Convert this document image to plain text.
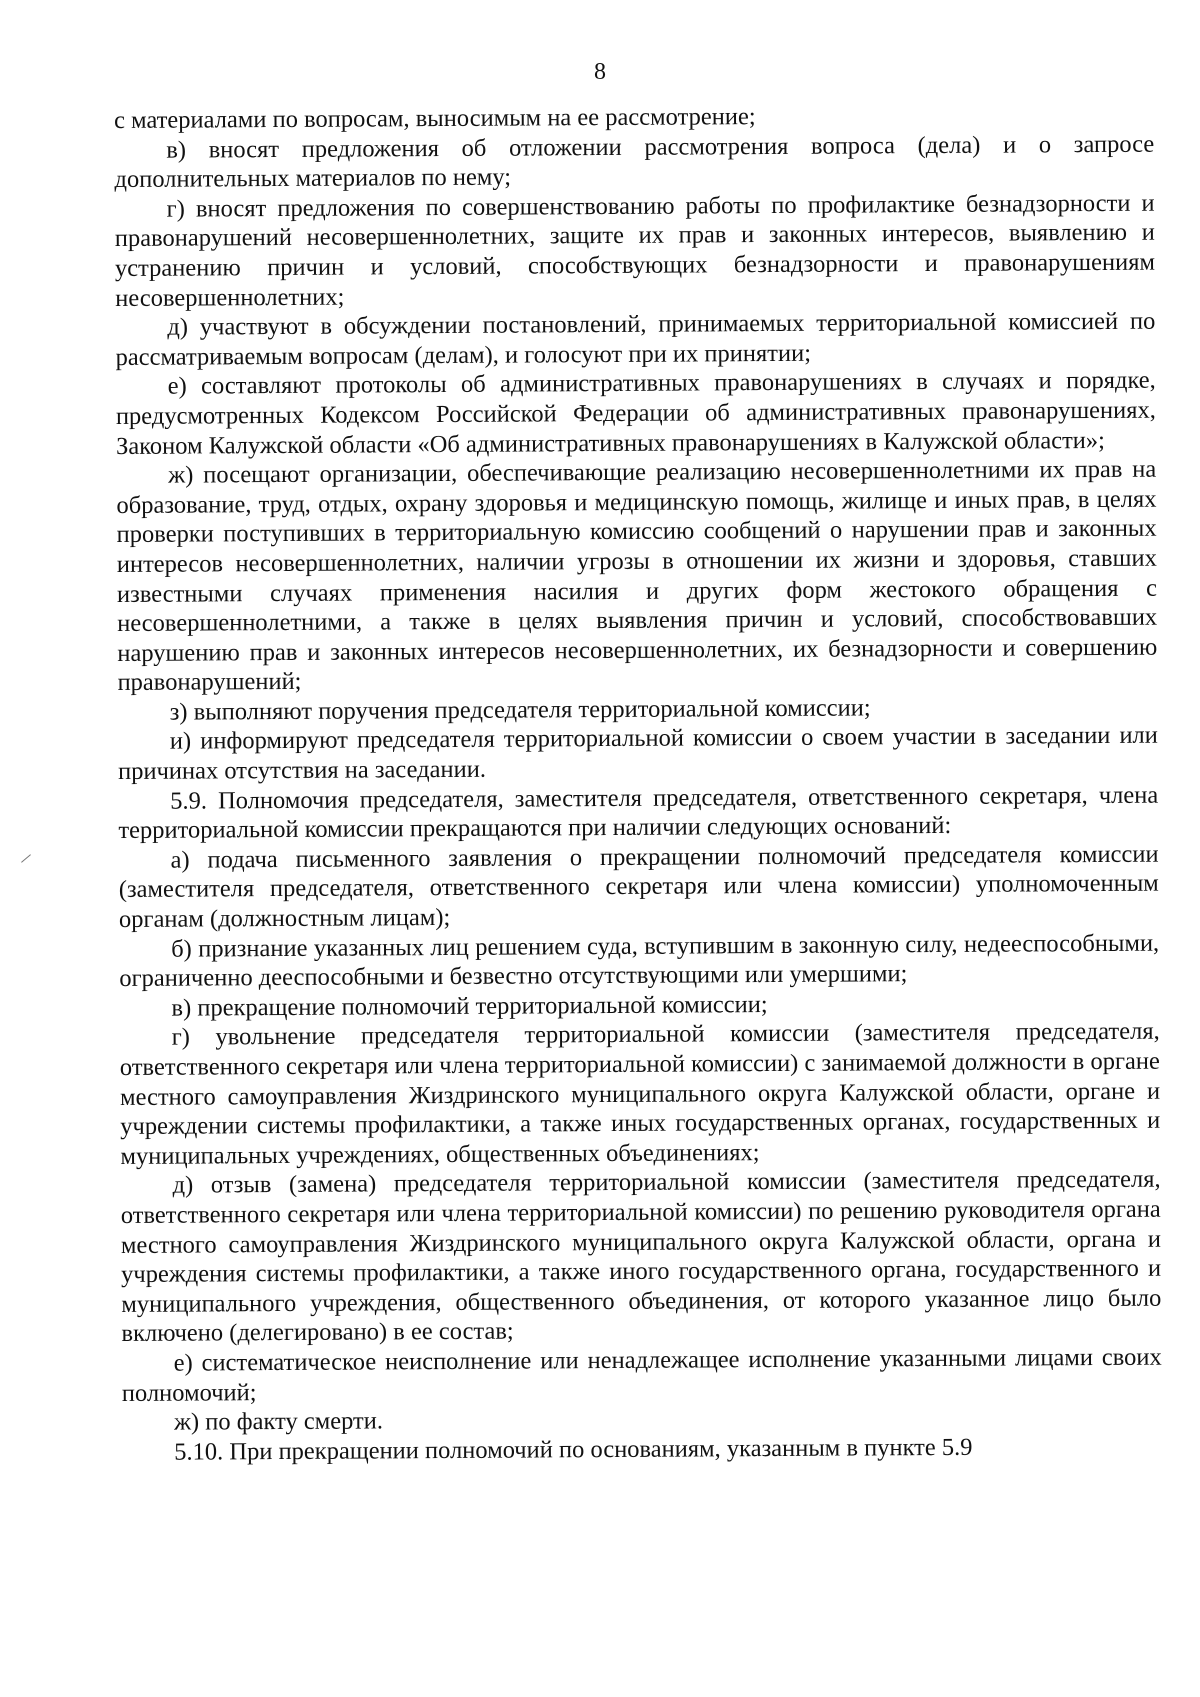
8

с материалами по вопросам, выносимым на ее рассмотрение;

в) вносят предложения об отложении рассмотрения вопроса (дела) и о запросе дополнительных материалов по нему;

г) вносят предложения по совершенствованию работы по профилактике безнадзорности и правонарушений несовершеннолетних, защите их прав и законных интересов, выявлению и устранению причин и условий, способствующих безнадзорности и правонарушениям несовершеннолетних;

д) участвуют в обсуждении постановлений, принимаемых территориальной комиссией по рассматриваемым вопросам (делам), и голосуют при их принятии;

е) составляют протоколы об административных правонарушениях в случаях и порядке, предусмотренных Кодексом Российской Федерации об административных правонарушениях, Законом Калужской области «Об административных правонарушениях в Калужской области»;

ж) посещают организации, обеспечивающие реализацию несовершеннолетними их прав на образование, труд, отдых, охрану здоровья и медицинскую помощь, жилище и иных прав, в целях проверки поступивших в территориальную комиссию сообщений о нарушении прав и законных интересов несовершеннолетних, наличии угрозы в отношении их жизни и здоровья, ставших известными случаях применения насилия и других форм жестокого обращения с несовершеннолетними, а также в целях выявления причин и условий, способствовавших нарушению прав и законных интересов несовершеннолетних, их безнадзорности и совершению правонарушений;

з) выполняют поручения председателя территориальной комиссии;

и) информируют председателя территориальной комиссии о своем участии в заседании или причинах отсутствия на заседании.

5.9. Полномочия председателя, заместителя председателя, ответственного секретаря, члена территориальной комиссии прекращаются при наличии следующих оснований:

а) подача письменного заявления о прекращении полномочий председателя комиссии (заместителя председателя, ответственного секретаря или члена комиссии) уполномоченным органам (должностным лицам);

б) признание указанных лиц решением суда, вступившим в законную силу, недееспособными, ограниченно дееспособными и безвестно отсутствующими или умершими;

в) прекращение полномочий территориальной комиссии;

г) увольнение председателя территориальной комиссии (заместителя председателя, ответственного секретаря или члена территориальной комиссии) с занимаемой должности в органе местного самоуправления Жиздринского муниципального округа Калужской области, органе и учреждении системы профилактики, а также иных государственных органах, государственных и муниципальных учреждениях, общественных объединениях;

д) отзыв (замена) председателя территориальной комиссии (заместителя председателя, ответственного секретаря или члена территориальной комиссии) по решению руководителя органа местного самоуправления Жиздринского муниципального округа Калужской области, органа и учреждения системы профилактики, а также иного государственного органа, государственного и муниципального учреждения, общественного объединения, от которого указанное лицо было включено (делегировано) в ее состав;

е) систематическое неисполнение или ненадлежащее исполнение указанными лицами своих полномочий;

ж) по факту смерти.

5.10. При прекращении полномочий по основаниям, указанным в пункте 5.9
